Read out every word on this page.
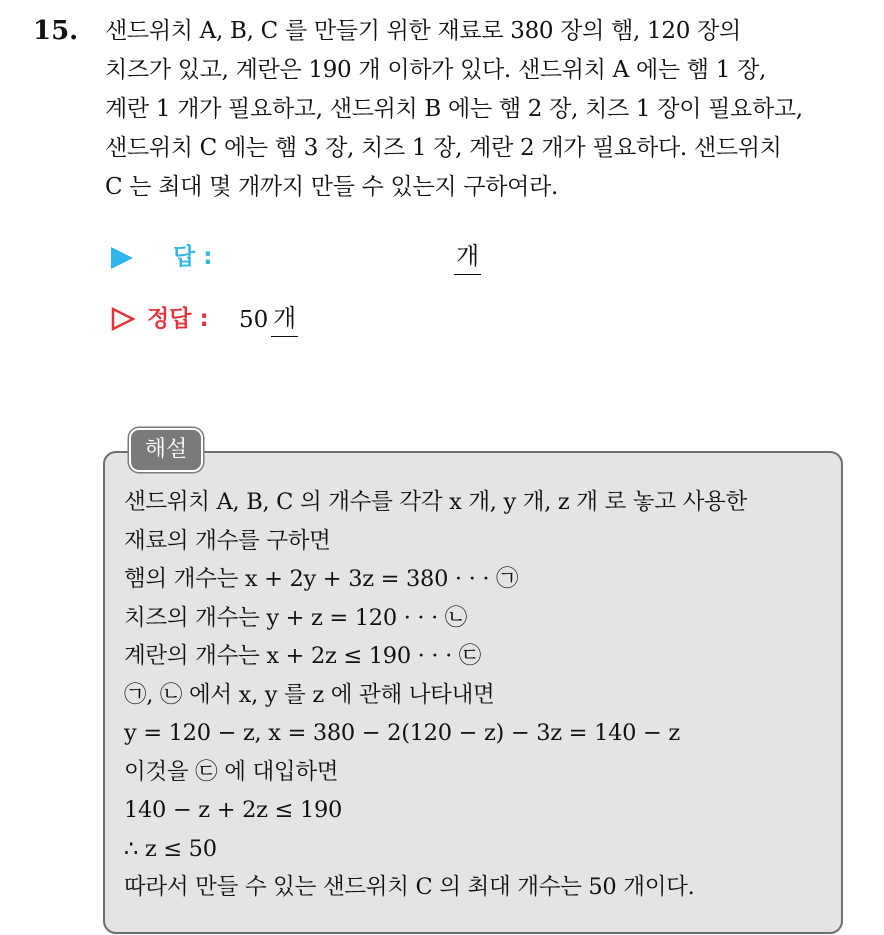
15. 샌드위치 A, B, C 를 만들기 위한 재료로 380 장의 햄, 120 장의
치즈가 있고, 계란은 190 개 이하가 있다. 샌드위치 A 에는 햄 1 장,
계란 1 개가 필요하고, 샌드위치 B 에는 햄 2 장, 치즈 1 장이 필요하고,
샌드위치 C 에는 햄 3 장, 치즈 1 장, 계란 2 개가 필요하다. 샌드위치
C 는 최대 몇 개까지 만들 수 있는지 구하여라.
답 :	개
정답 : 50 개
해설
샌드위치 A, B, C 의 개수를 각각 x 개, y 개, z 개 로 놓고 사용한
재료의 개수를 구하면
햄의 개수는 x + 2y + 3z = 380 · · · ㉠
치즈의 개수는 y + z = 120 · · · ㉡
계란의 개수는 x + 2z ≤ 190 · · · ㉢
㉠, ㉡ 에서 x, y 를 z 에 관해 나타내면
y = 120 − z, x = 380 − 2(120 − z) − 3z = 140 − z
이것을 ㉢ 에 대입하면
140 − z + 2z ≤ 190
∴ z ≤ 50
따라서 만들 수 있는 샌드위치 C 의 최대 개수는 50 개이다.
